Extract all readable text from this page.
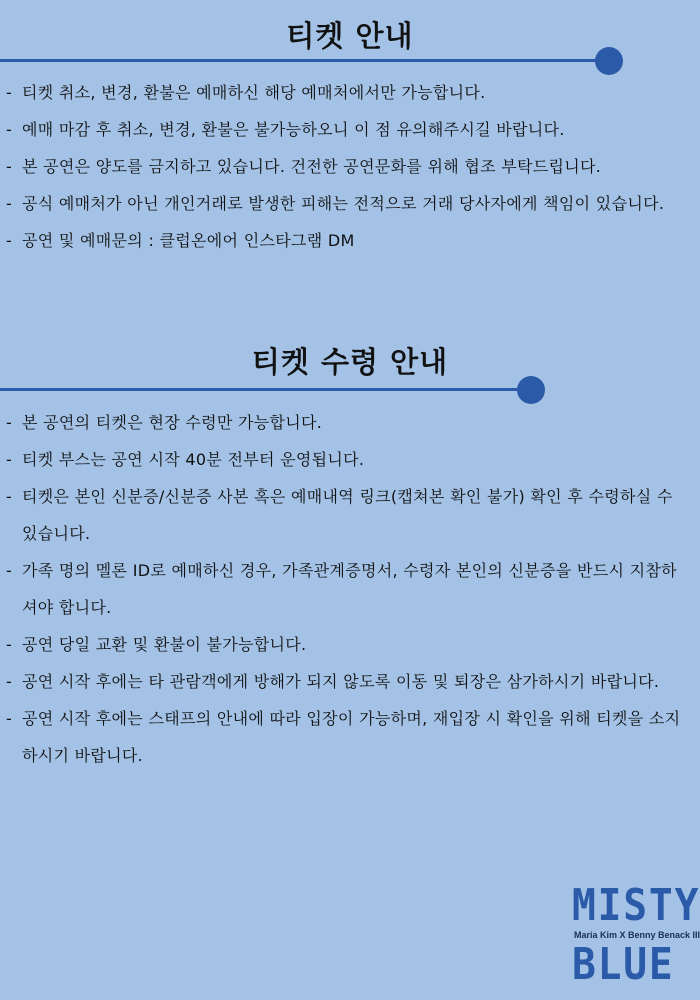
티켓 안내
- 티켓 취소, 변경, 환불은 예매하신 해당 예매처에서만 가능합니다.
- 예매 마감 후 취소, 변경, 환불은 불가능하오니 이 점 유의해주시길 바랍니다.
- 본 공연은 양도를 금지하고 있습니다. 건전한 공연문화를 위해 협조 부탁드립니다.
- 공식 예매처가 아닌 개인거래로 발생한 피해는 전적으로 거래 당사자에게 책임이 있습니다.
- 공연 및 예매문의 : 클럽온에어 인스타그램 DM
티켓 수령 안내
- 본 공연의 티켓은 현장 수령만 가능합니다.
- 티켓 부스는 공연 시작 40분 전부터 운영됩니다.
- 티켓은 본인 신분증/신분증 사본 혹은 예매내역 링크(캡쳐본 확인 불가) 확인 후 수령하실 수 있습니다.
- 가족 명의 멜론 ID로 예매하신 경우, 가족관계증명서, 수령자 본인의 신분증을 반드시 지참하셔야 합니다.
- 공연 당일 교환 및 환불이 불가능합니다.
- 공연 시작 후에는 타 관람객에게 방해가 되지 않도록 이동 및 퇴장은 삼가하시기 바랍니다.
- 공연 시작 후에는 스태프의 안내에 따라 입장이 가능하며, 재입장 시 확인을 위해 티켓을 소지하시기 바랍니다.
MISTY
Maria Kim X Benny Benack III
BLUE
